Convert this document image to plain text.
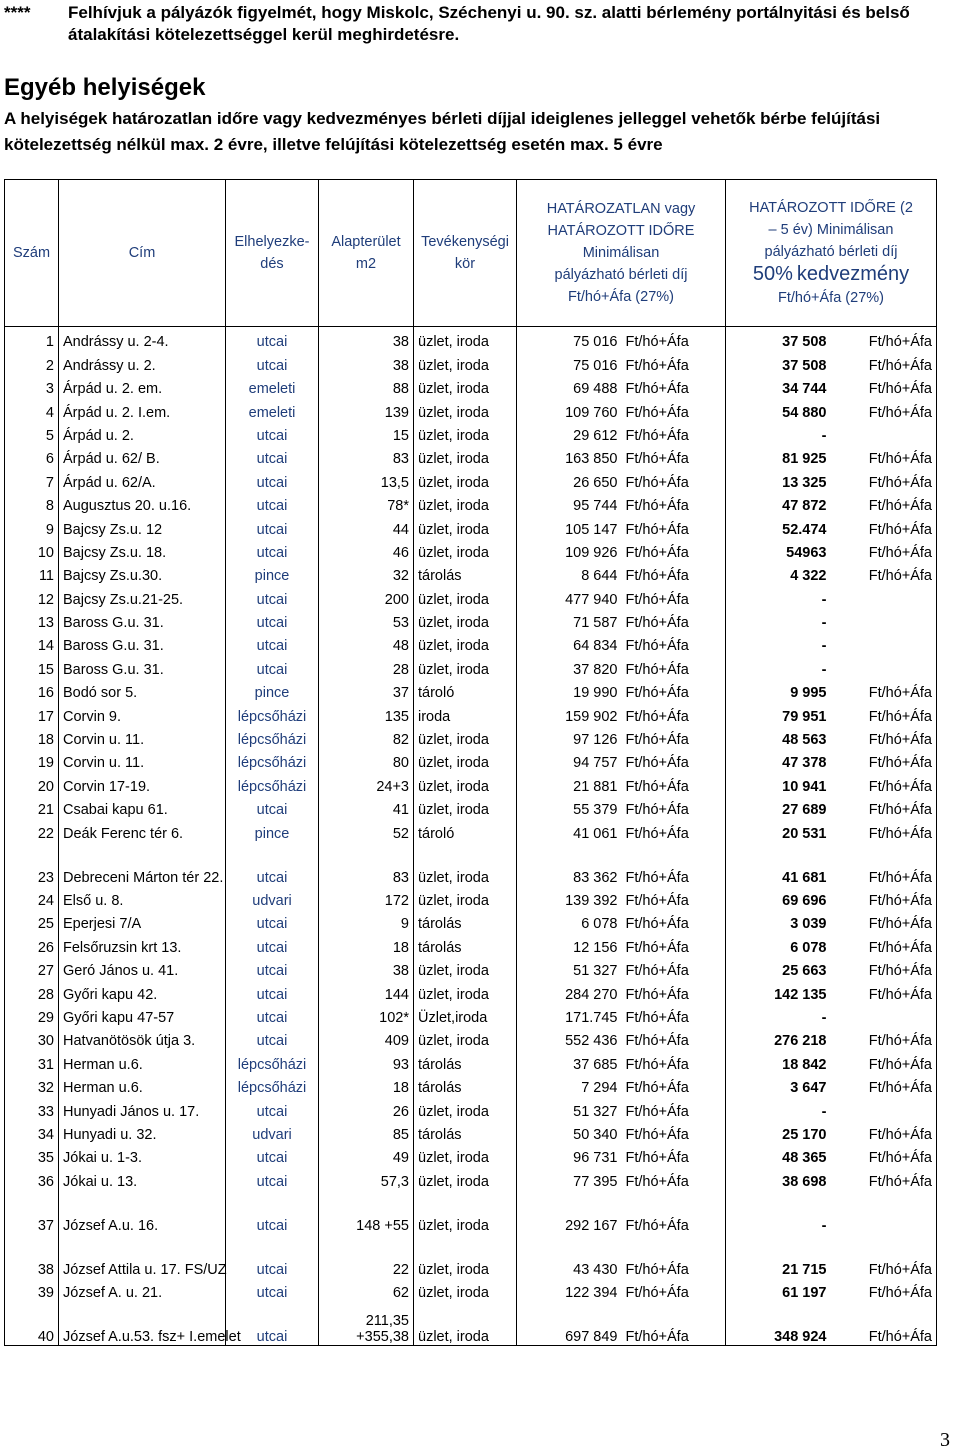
****	Felhívjuk a pályázók figyelmét, hogy Miskolc, Széchenyi u. 90. sz. alatti bérlemény portálnyitási és belső átalakítási kötelezettséggel kerül meghirdetésre.
Egyéb helyiségek
A helyiségek határozatlan időre vagy kedvezményes bérleti díjjal ideiglenes jelleggel vehetők bérbe felújítási kötelezettség nélkül max. 2 évre, illetve felújítási kötelezettség esetén max. 5 évre
Szám	Cím	Elhelyezke-dés	Alapterület m2	Tevékenységi kör	HATÁROZATLAN vagy HATÁROZOTT IDŐRE Minimálisan pályázható bérleti díj Ft/hó+Áfa (27%)		HATÁROZOTT IDŐRE (2 – 5 év) Minimálisan pályázható bérleti díj
50% kedvezmény
Ft/hó+Áfa (27%)	
1	Andrássy u. 2-4.	utcai	38	üzlet, iroda	75 016	Ft/hó+Áfa	37 508	Ft/hó+Áfa
2	Andrássy u. 2.	utcai	38	üzlet, iroda	75 016	Ft/hó+Áfa	37 508	Ft/hó+Áfa
3	Árpád u. 2. em.	emeleti	88	üzlet, iroda	69 488	Ft/hó+Áfa	34 744	Ft/hó+Áfa
4	Árpád u. 2. I.em.	emeleti	139	üzlet, iroda	109 760	Ft/hó+Áfa	54 880	Ft/hó+Áfa
5	Árpád u. 2.	utcai	15	üzlet, iroda	29 612	Ft/hó+Áfa	-	
6	Árpád u. 62/ B.	utcai	83	üzlet, iroda	163 850	Ft/hó+Áfa	81 925	Ft/hó+Áfa
7	Árpád u. 62/A.	utcai	13,5	üzlet, iroda	26 650	Ft/hó+Áfa	13 325	Ft/hó+Áfa
8	Augusztus 20. u.16.	utcai	78*	üzlet, iroda	95 744	Ft/hó+Áfa	47 872	Ft/hó+Áfa
9	Bajcsy Zs.u. 12	utcai	44	üzlet, iroda	105 147	Ft/hó+Áfa	52.474	Ft/hó+Áfa
10	Bajcsy Zs.u. 18.	utcai	46	üzlet, iroda	109 926	Ft/hó+Áfa	54963	Ft/hó+Áfa
11	Bajcsy Zs.u.30.	pince	32	tárolás	8 644	Ft/hó+Áfa	4 322	Ft/hó+Áfa
12	Bajcsy Zs.u.21-25.	utcai	200	üzlet, iroda	477 940	Ft/hó+Áfa	-	
13	Baross G.u. 31.	utcai	53	üzlet, iroda	71 587	Ft/hó+Áfa	-	
14	Baross G.u. 31.	utcai	48	üzlet, iroda	64 834	Ft/hó+Áfa	-	
15	Baross G.u. 31.	utcai	28	üzlet, iroda	37 820	Ft/hó+Áfa	-	
16	Bodó sor 5.	pince	37	tároló	19 990	Ft/hó+Áfa	9 995	Ft/hó+Áfa
17	Corvin 9.	lépcsőházi	135	iroda	159 902	Ft/hó+Áfa	79 951	Ft/hó+Áfa
18	Corvin u. 11.	lépcsőházi	82	üzlet, iroda	97 126	Ft/hó+Áfa	48 563	Ft/hó+Áfa
19	Corvin u. 11.	lépcsőházi	80	üzlet, iroda	94 757	Ft/hó+Áfa	47 378	Ft/hó+Áfa
20	Corvin 17-19.	lépcsőházi	24+3	üzlet, iroda	21 881	Ft/hó+Áfa	10 941	Ft/hó+Áfa
21	Csabai kapu 61.	utcai	41	üzlet, iroda	55 379	Ft/hó+Áfa	27 689	Ft/hó+Áfa
22	Deák Ferenc tér 6.	pince	52	tároló	41 061	Ft/hó+Áfa	20 531	Ft/hó+Áfa
23	Debreceni Márton tér 22.	utcai	83	üzlet, iroda	83 362	Ft/hó+Áfa	41 681	Ft/hó+Áfa
24	Első u. 8.	udvari	172	üzlet, iroda	139 392	Ft/hó+Áfa	69 696	Ft/hó+Áfa
25	Eperjesi 7/A	utcai	9	tárolás	6 078	Ft/hó+Áfa	3 039	Ft/hó+Áfa
26	Felsőruzsin krt 13.	utcai	18	tárolás	12 156	Ft/hó+Áfa	6 078	Ft/hó+Áfa
27	Geró János u. 41.	utcai	38	üzlet, iroda	51 327	Ft/hó+Áfa	25 663	Ft/hó+Áfa
28	Győri kapu 42.	utcai	144	üzlet, iroda	284 270	Ft/hó+Áfa	142 135	Ft/hó+Áfa
29	Győri kapu 47-57	utcai	102*	Üzlet,iroda	171.745	Ft/hó+Áfa	-	
30	Hatvanötösök útja 3.	utcai	409	üzlet, iroda	552 436	Ft/hó+Áfa	276 218	Ft/hó+Áfa
31	Herman u.6.	lépcsőházi	93	tárolás	37 685	Ft/hó+Áfa	18 842	Ft/hó+Áfa
32	Herman u.6.	lépcsőházi	18	tárolás	7 294	Ft/hó+Áfa	3 647	Ft/hó+Áfa
33	Hunyadi János u. 17.	utcai	26	üzlet, iroda	51 327	Ft/hó+Áfa	-	
34	Hunyadi u. 32.	udvari	85	tárolás	50 340	Ft/hó+Áfa	25 170	Ft/hó+Áfa
35	Jókai u. 1-3.	utcai	49	üzlet, iroda	96 731	Ft/hó+Áfa	48 365	Ft/hó+Áfa
36	Jókai u. 13.	utcai	57,3	üzlet, iroda	77 395	Ft/hó+Áfa	38 698	Ft/hó+Áfa
37	József A.u. 16.	utcai	148 +55	üzlet, iroda	292 167	Ft/hó+Áfa	-	
38	József Attila u. 17. FS/UZ	utcai	22	üzlet, iroda	43 430	Ft/hó+Áfa	21 715	Ft/hó+Áfa
39	József A. u. 21.	utcai	62	üzlet, iroda	122 394	Ft/hó+Áfa	61 197	Ft/hó+Áfa
40	József A.u.53. fsz+ I.emelet	utcai	211,35 +355,38	üzlet, iroda	697 849	Ft/hó+Áfa	348 924	Ft/hó+Áfa
3
